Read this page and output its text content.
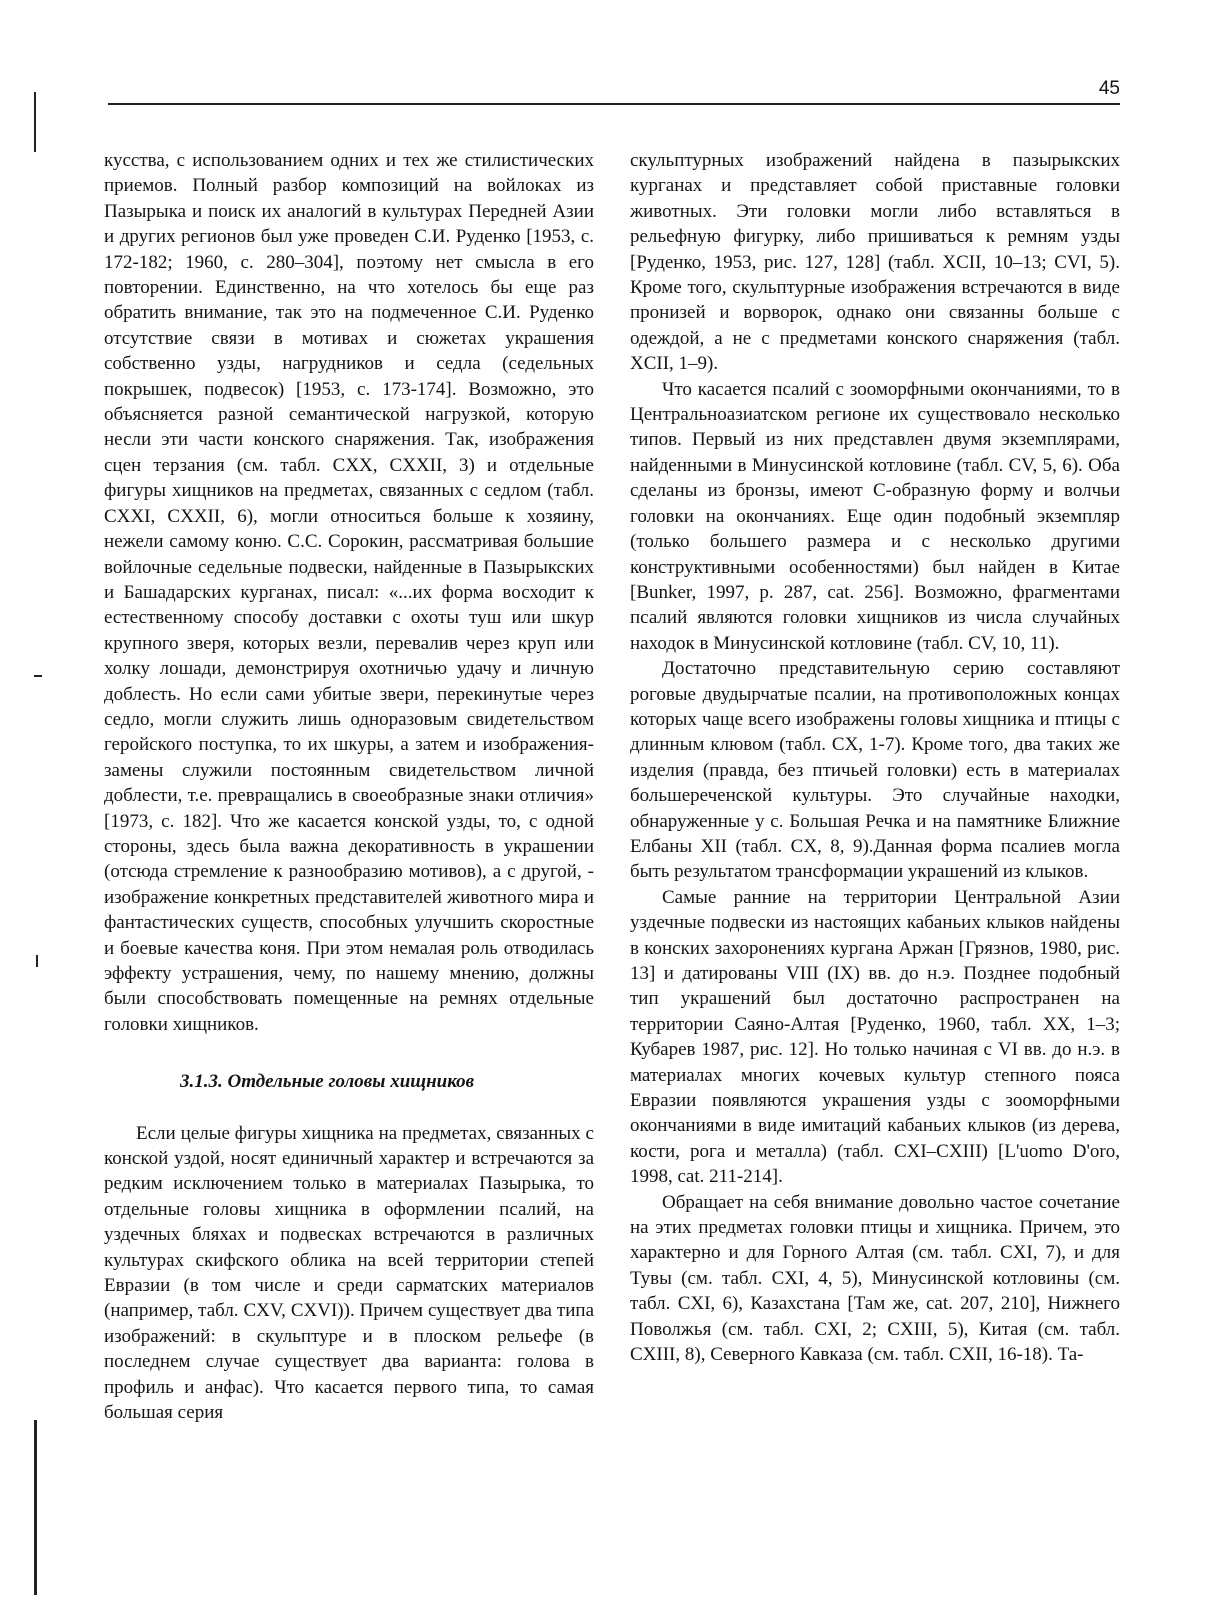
45

кусства, с использованием одних и тех же стилистических приемов. Полный разбор композиций на войлоках из Пазырыка и поиск их аналогий в культурах Передней Азии и других регионов был уже проведен С.И. Руденко [1953, с. 172-182; 1960, с. 280–304], поэтому нет смысла в его повторении. Единственно, на что хотелось бы еще раз обратить внимание, так это на подмеченное С.И. Руденко отсутствие связи в мотивах и сюжетах украшения собственно узды, нагрудников и седла (седельных покрышек, подвесок) [1953, с. 173-174]. Возможно, это объясняется разной семантической нагрузкой, которую несли эти части конского снаряжения. Так, изображения сцен терзания (см. табл. CXX, CXXII, 3) и отдельные фигуры хищников на предметах, связанных с седлом (табл. CXXI, CXXII, 6), могли относиться больше к хозяину, нежели самому коню. С.С. Сорокин, рассматривая большие войлочные седельные подвески, найденные в Пазырыкских и Башадарских курганах, писал: «...их форма восходит к естественному способу доставки с охоты туш или шкур крупного зверя, которых везли, перевалив через круп или холку лошади, демонстрируя охотничью удачу и личную доблесть. Но если сами убитые звери, перекинутые через седло, могли служить лишь одноразовым свидетельством геройского поступка, то их шкуры, а затем и изображения-замены служили постоянным свидетельством личной доблести, т.е. превращались в своеобразные знаки отличия» [1973, с. 182]. Что же касается конской узды, то, с одной стороны, здесь была важна декоративность в украшении (отсюда стремление к разнообразию мотивов), а с другой, - изображение конкретных представителей животного мира и фантастических существ, способных улучшить скоростные и боевые качества коня. При этом немалая роль отводилась эффекту устрашения, чему, по нашему мнению, должны были способствовать помещенные на ремнях отдельные головки хищников.

3.1.3. Отдельные головы хищников

Если целые фигуры хищника на предметах, связанных с конской уздой, носят единичный характер и встречаются за редким исключением только в материалах Пазырыка, то отдельные головы хищника в оформлении псалий, на уздечных бляхах и подвесках встречаются в различных культурах скифского облика на всей территории степей Евразии (в том числе и среди сарматских материалов (например, табл. CXV, CXVI)). Причем существует два типа изображений: в скульптуре и в плоском рельефе (в последнем случае существует два варианта: голова в профиль и анфас). Что касается первого типа, то самая большая серия

скульптурных изображений найдена в пазырыкских курганах и представляет собой приставные головки животных. Эти головки могли либо вставляться в рельефную фигурку, либо пришиваться к ремням узды [Руденко, 1953, рис. 127, 128] (табл. XCII, 10–13; CVI, 5). Кроме того, скульптурные изображения встречаются в виде пронизей и ворворок, однако они связанны больше с одеждой, а не с предметами конского снаряжения (табл. XCII, 1–9).

Что касается псалий с зооморфными окончаниями, то в Центральноазиатском регионе их существовало несколько типов. Первый из них представлен двумя экземплярами, найденными в Минусинской котловине (табл. CV, 5, 6). Оба сделаны из бронзы, имеют С-образную форму и волчьи головки на окончаниях. Еще один подобный экземпляр (только большего размера и с несколько другими конструктивными особенностями) был найден в Китае [Bunker, 1997, p. 287, cat. 256]. Возможно, фрагментами псалий являются головки хищников из числа случайных находок в Минусинской котловине (табл. CV, 10, 11).

Достаточно представительную серию составляют роговые двудырчатые псалии, на противоположных концах которых чаще всего изображены головы хищника и птицы с длинным клювом (табл. CX, 1-7). Кроме того, два таких же изделия (правда, без птичьей головки) есть в материалах большереченской культуры. Это случайные находки, обнаруженные у с. Большая Речка и на памятнике Ближние Елбаны XII (табл. CX, 8, 9).Данная форма псалиев могла быть результатом трансформации украшений из клыков.

Самые ранние на территории Центральной Азии уздечные подвески из настоящих кабаньих клыков найдены в конских захоронениях кургана Аржан [Грязнов, 1980, рис. 13] и датированы VIII (IX) вв. до н.э. Позднее подобный тип украшений был достаточно распространен на территории Саяно-Алтая [Руденко, 1960, табл. XX, 1–3; Кубарев 1987, рис. 12]. Но только начиная с VI вв. до н.э. в материалах многих кочевых культур степного пояса Евразии появляются украшения узды с зооморфными окончаниями в виде имитаций кабаньих клыков (из дерева, кости, рога и металла) (табл. CXI–CXIII) [L'uomo D'oro, 1998, cat. 211-214].

Обращает на себя внимание довольно частое сочетание на этих предметах головки птицы и хищника. Причем, это характерно и для Горного Алтая (см. табл. CXI, 7), и для Тувы (см. табл. CXI, 4, 5), Минусинской котловины (см. табл. CXI, 6), Казахстана [Там же, cat. 207, 210], Нижнего Поволжья (см. табл. CXI, 2; CXIII, 5), Китая (см. табл. CXIII, 8), Северного Кавказа (см. табл. CXII, 16-18). Та-
